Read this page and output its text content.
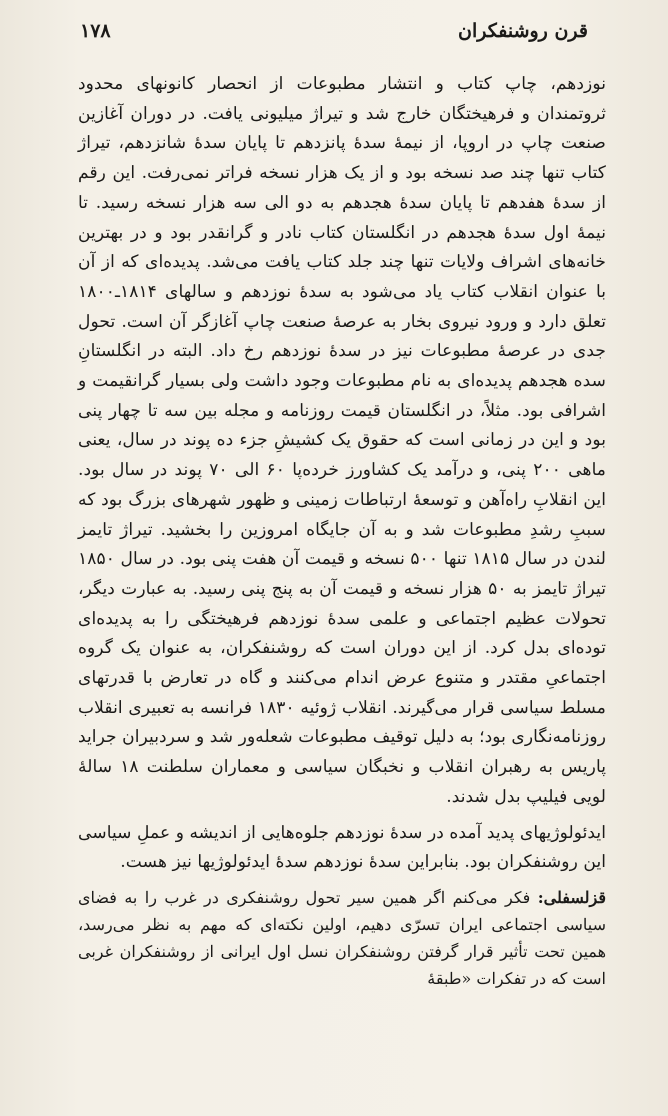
۱۷۸	قرن روشنفکران

نوزدهم، چاپ کتاب و انتشار مطبوعات از انحصار کانونهای محدود ثروتمندان و فرهیختگان خارج شد و تیراژ میلیونی یافت. در دوران آغازین صنعت چاپ در اروپا، از نیمهٔ سدهٔ پانزدهم تا پایان سدهٔ شانزدهم، تیراژ کتاب تنها چند صد نسخه بود و از یک هزار نسخه فراتر نمی‌رفت. این رقم از سدهٔ هفدهم تا پایان سدهٔ هجدهم به دو الی سه هزار نسخه رسید. تا نیمهٔ اول سدهٔ هجدهم در انگلستان کتاب نادر و گرانقدر بود و در بهترین خانه‌های اشراف ولایات تنها چند جلد کتاب یافت می‌شد. پدیده‌ای که از آن با عنوان انقلاب کتاب یاد می‌شود به سدهٔ نوزدهم و سالهای ۱۸۱۴ـ۱۸۰۰ تعلق دارد و ورود نیروی بخار به عرصهٔ صنعت چاپ آغازگر آن است. تحول جدی در عرصهٔ مطبوعات نیز در سدهٔ نوزدهم رخ داد. البته در انگلستانِ سده هجدهم پدیده‌ای به نام مطبوعات وجود داشت ولی بسیار گرانقیمت و اشرافی بود. مثلاً، در انگلستان قیمت روزنامه و مجله بین سه تا چهار پنی بود و این در زمانی است که حقوق یک کشیشِ جزء ده پوند در سال، یعنی ماهی ۲۰۰ پنی، و درآمد یک کشاورز خرده‌پا ۶۰ الی ۷۰ پوند در سال بود. این انقلابِ راه‌آهن و توسعهٔ ارتباطات زمینی و ظهور شهرهای بزرگ بود که سببِ رشدِ مطبوعات شد و به آن جایگاه امروزین را بخشید. تیراژ تایمز لندن در سال ۱۸۱۵ تنها ۵۰۰ نسخه و قیمت آن هفت پنی بود. در سال ۱۸۵۰ تیراژ تایمز به ۵۰ هزار نسخه و قیمت آن به پنج پنی رسید. به عبارت دیگر، تحولات عظیم اجتماعی و علمی سدهٔ نوزدهم فرهیختگی را به پدیده‌ای توده‌ای بدل کرد. از این دوران است که روشنفکران، به عنوان یک گروه اجتماعیِ مقتدر و متنوع عرض اندام می‌کنند و گاه در تعارض با قدرتهای مسلط سیاسی قرار می‌گیرند. انقلاب ژوئیه ۱۸۳۰ فرانسه به تعبیری انقلاب روزنامه‌نگاری بود؛ به دلیل توقیف مطبوعات شعله‌ور شد و سردبیران جراید پاریس به رهبران انقلاب و نخبگان سیاسی و معماران سلطنت ۱۸ سالهٔ لویی فیلیپ بدل شدند.

ایدئولوژیهای پدید آمده در سدهٔ نوزدهم جلوه‌هایی از اندیشه و عملِ سیاسی این روشنفکران بود. بنابراین سدهٔ نوزدهم سدهٔ ایدئولوژیها نیز هست.

قزلسفلی: فکر می‌کنم اگر همین سیر تحول روشنفکری در غرب را به فضای سیاسی اجتماعی ایران تسرّی دهیم، اولین نکته‌ای که مهم به نظر می‌رسد، همین تحت تأثیر قرار گرفتن روشنفکران نسل اول ایرانی از روشنفکران غربی است که در تفکرات «طبقهٔ
